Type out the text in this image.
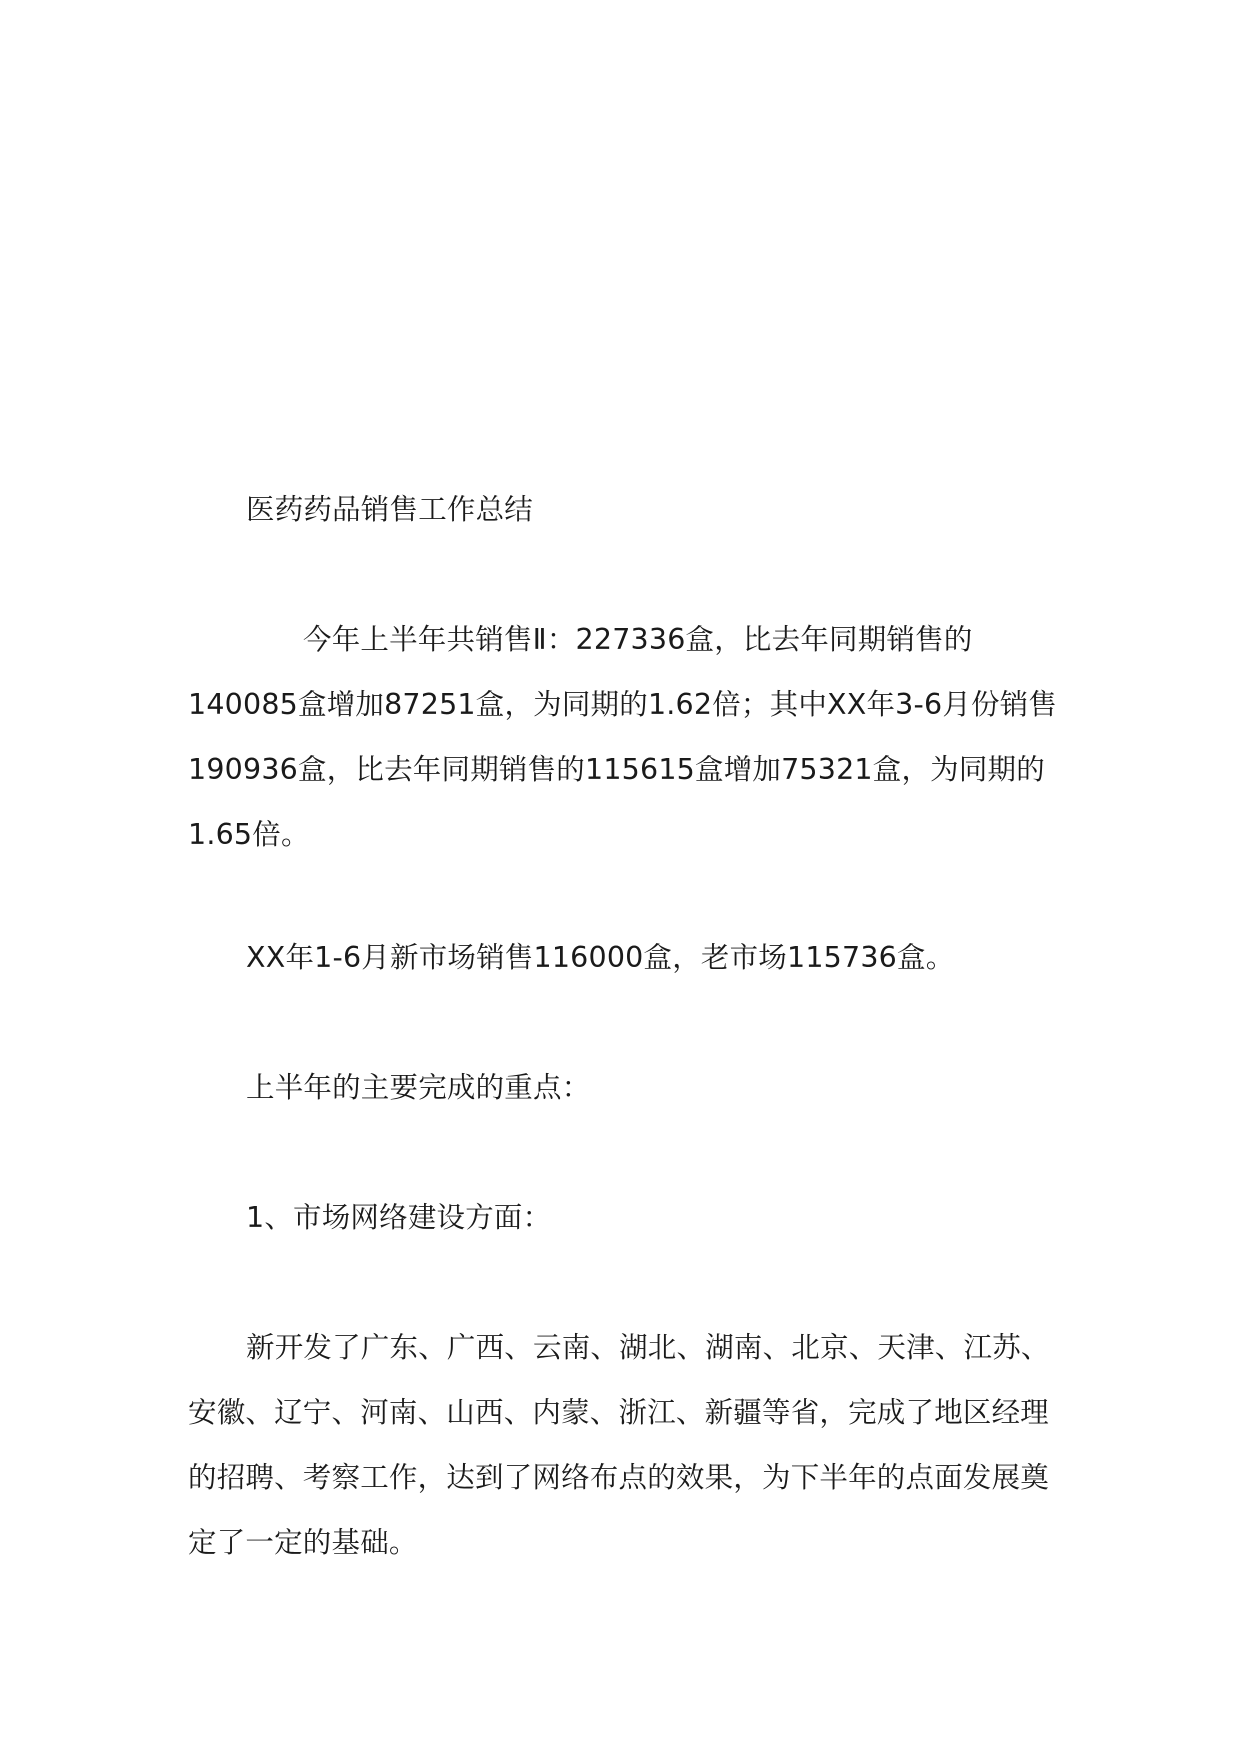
医药药品销售工作总结

今年上半年共销售Ⅱ：227336盒，比去年同期销售的140085盒增加87251盒，为同期的1.62倍；其中XX年3-6月份销售190936盒，比去年同期销售的115615盒增加75321盒，为同期的1.65倍。

XX年1-6月新市场销售116000盒，老市场115736盒。

上半年的主要完成的重点：

1、市场网络建设方面：

新开发了广东、广西、云南、湖北、湖南、北京、天津、江苏、安徽、辽宁、河南、山西、内蒙、浙江、新疆等省，完成了地区经理的招聘、考察工作，达到了网络布点的效果，为下半年的点面发展奠定了一定的基础。
